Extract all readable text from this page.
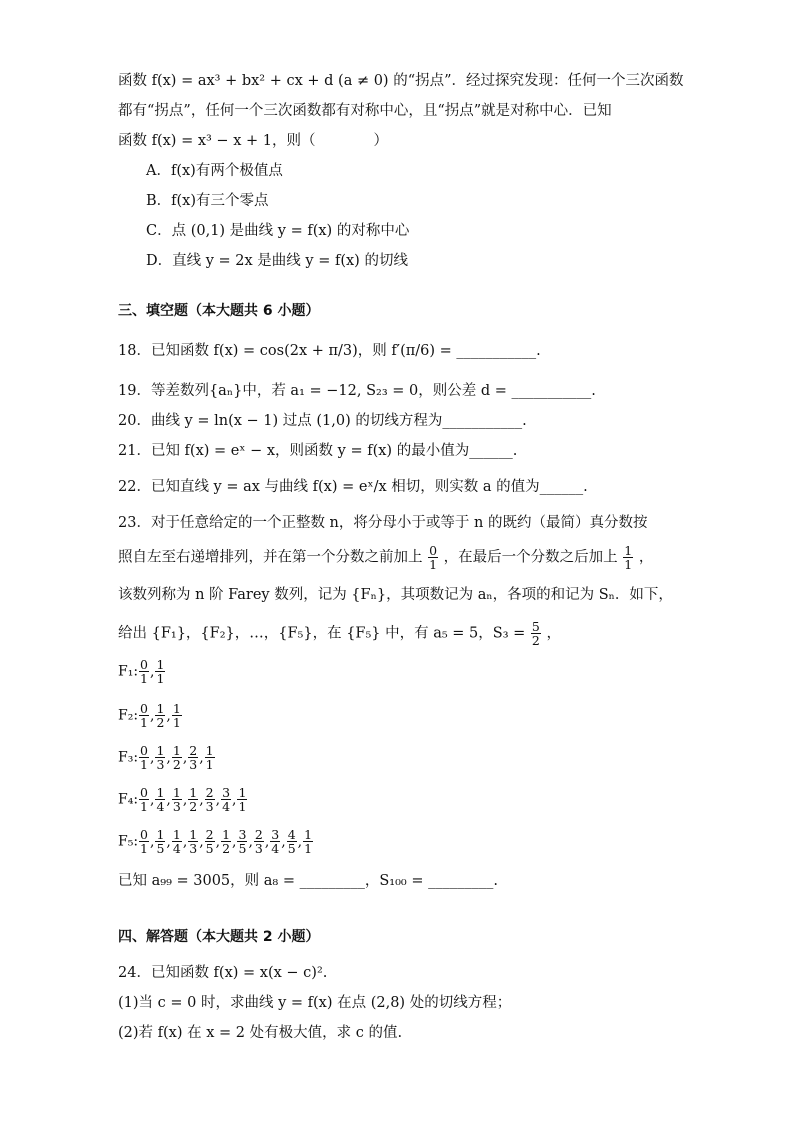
函数 f(x) = ax³ + bx² + cx + d (a ≠ 0) 的“拐点”．经过探究发现：任何一个三次函数
都有“拐点”，任何一个三次函数都有对称中心，且“拐点”就是对称中心．已知
函数 f(x) = x³ − x + 1，则（　　　　）
A．f(x)有两个极值点
B．f(x)有三个零点
C．点 (0,1) 是曲线 y = f(x) 的对称中心
D．直线 y = 2x 是曲线 y = f(x) 的切线
三、填空题（本大题共 6 小题）
18．已知函数 f(x) = cos(2x + π/3)，则 f′(π/6) = ___________.
19．等差数列{aₙ}中，若 a₁ = −12, S₂₃ = 0，则公差 d = ___________.
20．曲线 y = ln(x − 1) 过点 (1,0) 的切线方程为___________.
21．已知 f(x) = eˣ − x，则函数 y = f(x) 的最小值为______.
22．已知直线 y = ax 与曲线 f(x) = eˣ/x 相切，则实数 a 的值为______.
23．对于任意给定的一个正整数 n，将分母小于或等于 n 的既约（最简）真分数按
照自左至右递增排列，并在第一个分数之前加上 $\frac{0}{1}$ ，在最后一个分数之后加上 $\frac{1}{1}$ ，
该数列称为 n 阶 Farey 数列，记为 {Fₙ}，其项数记为 aₙ，各项的和记为 Sₙ．如下，
给出 {F₁}，{F₂}，…，{F₅}，在 {F₅} 中，有 a₅ = 5，$S_3 = \frac{5}{2}$ ，
F₁: $\frac{0}{1}$ , $\frac{1}{1}$
F₂: $\frac{0}{1}$ , $\frac{1}{2}$ , $\frac{1}{1}$
F₃: $\frac{0}{1}$ , $\frac{1}{3}$ , $\frac{1}{2}$ , $\frac{2}{3}$ , $\frac{1}{1}$
F₄: $\frac{0}{1}$ , $\frac{1}{4}$ , $\frac{1}{3}$ , $\frac{1}{2}$ , $\frac{2}{3}$ , $\frac{3}{4}$ , $\frac{1}{1}$
F₅: $\frac{0}{1}$ , $\frac{1}{5}$ , $\frac{1}{4}$ , $\frac{1}{3}$ , $\frac{2}{5}$ , $\frac{1}{2}$ , $\frac{3}{5}$ , $\frac{2}{3}$ , $\frac{3}{4}$ , $\frac{4}{5}$ , $\frac{1}{1}$
已知 a₉₉ = 3005，则 a₈ = _________，S₁₀₀ = _________.
四、解答题（本大题共 2 小题）
24．已知函数 f(x) = x(x − c)².
(1)当 c = 0 时，求曲线 y = f(x) 在点 (2,8) 处的切线方程；
(2)若 f(x) 在 x = 2 处有极大值，求 c 的值.
